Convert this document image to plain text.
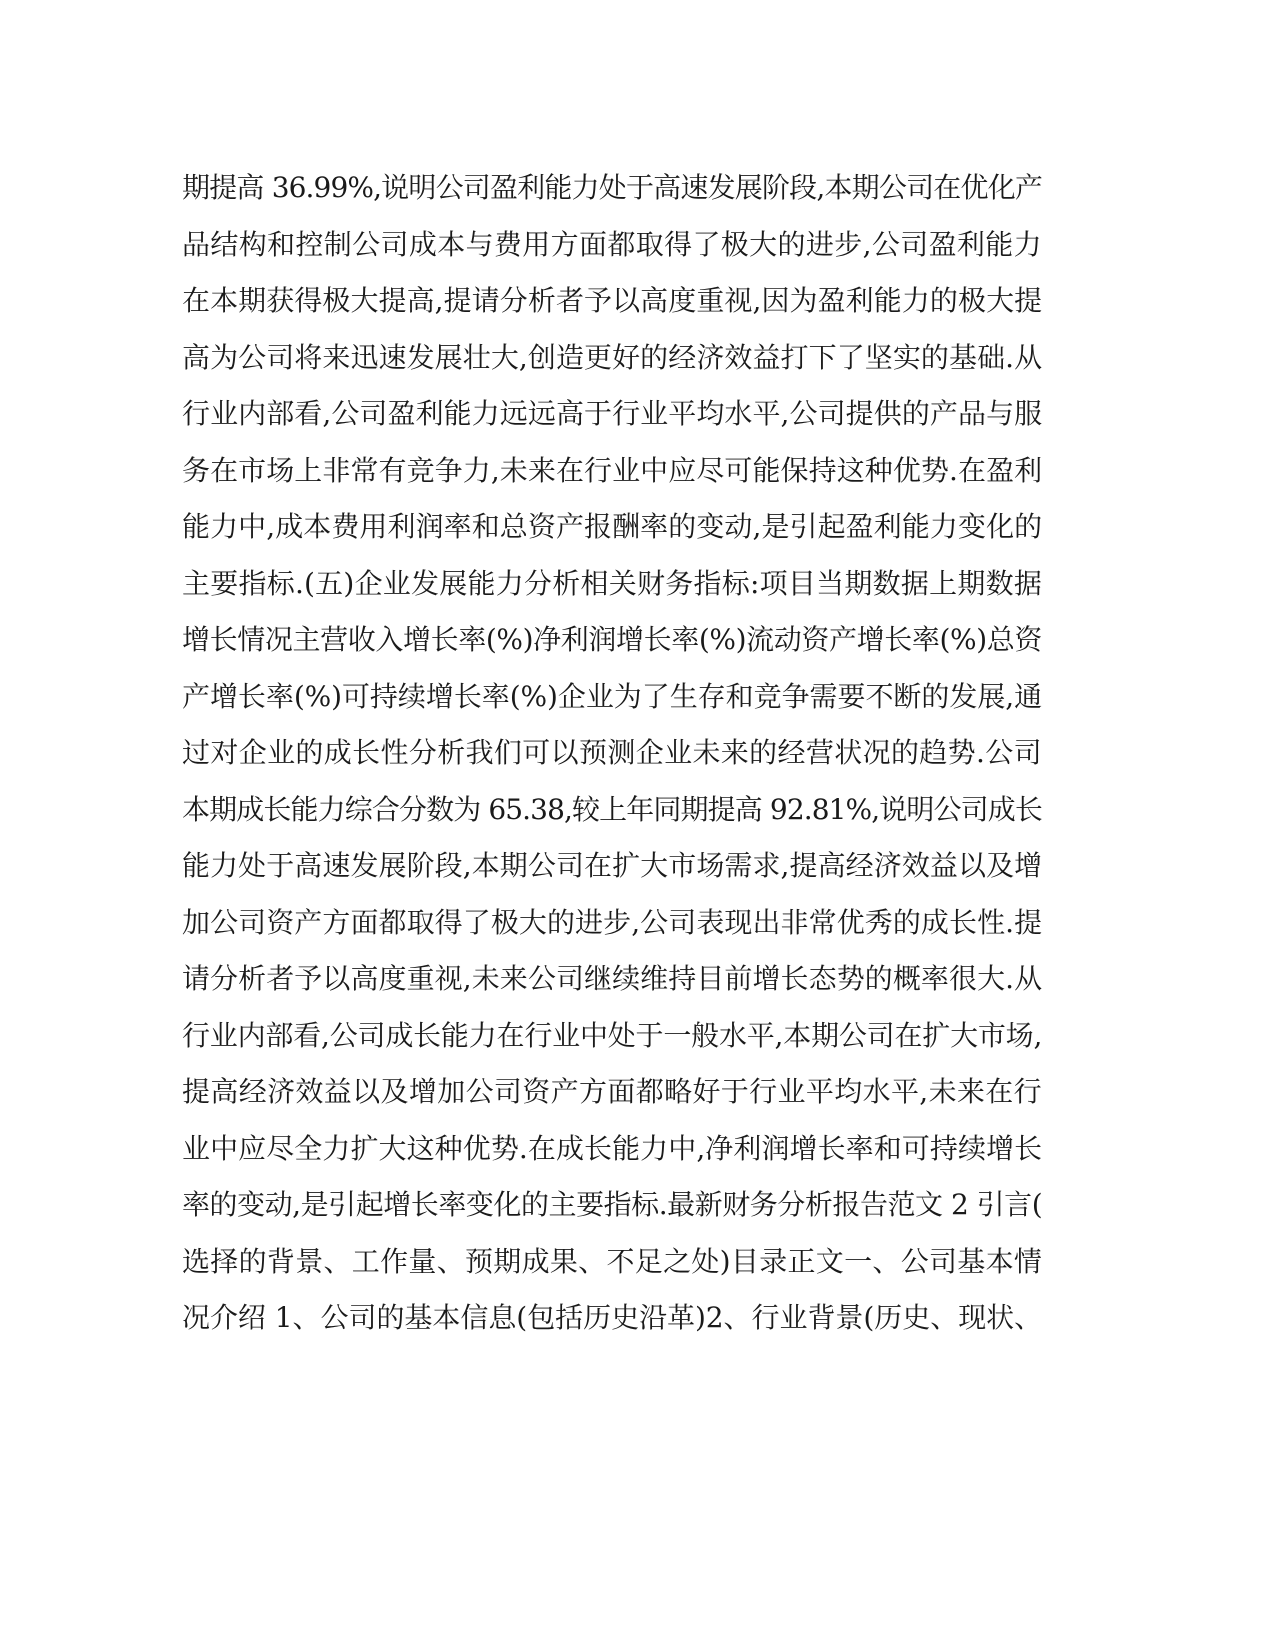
期提高 36.99%,说明公司盈利能力处于高速发展阶段,本期公司在优化产
品结构和控制公司成本与费用方面都取得了极大的进步,公司盈利能力
在本期获得极大提高,提请分析者予以高度重视,因为盈利能力的极大提
高为公司将来迅速发展壮大,创造更好的经济效益打下了坚实的基础.从
行业内部看,公司盈利能力远远高于行业平均水平,公司提供的产品与服
务在市场上非常有竞争力,未来在行业中应尽可能保持这种优势.在盈利
能力中,成本费用利润率和总资产报酬率的变动,是引起盈利能力变化的
主要指标.(五)企业发展能力分析相关财务指标:项目当期数据上期数据
增长情况主营收入增长率(%)净利润增长率(%)流动资产增长率(%)总资
产增长率(%)可持续增长率(%)企业为了生存和竞争需要不断的发展,通
过对企业的成长性分析我们可以预测企业未来的经营状况的趋势.公司
本期成长能力综合分数为 65.38,较上年同期提高 92.81%,说明公司成长
能力处于高速发展阶段,本期公司在扩大市场需求,提高经济效益以及增
加公司资产方面都取得了极大的进步,公司表现出非常优秀的成长性.提
请分析者予以高度重视,未来公司继续维持目前增长态势的概率很大.从
行业内部看,公司成长能力在行业中处于一般水平,本期公司在扩大市场,
提高经济效益以及增加公司资产方面都略好于行业平均水平,未来在行
业中应尽全力扩大这种优势.在成长能力中,净利润增长率和可持续增长
率的变动,是引起增长率变化的主要指标.最新财务分析报告范文 2 引言(
选择的背景、工作量、预期成果、不足之处)目录正文一、公司基本情
况介绍 1、公司的基本信息(包括历史沿革)2、行业背景(历史、现状、
